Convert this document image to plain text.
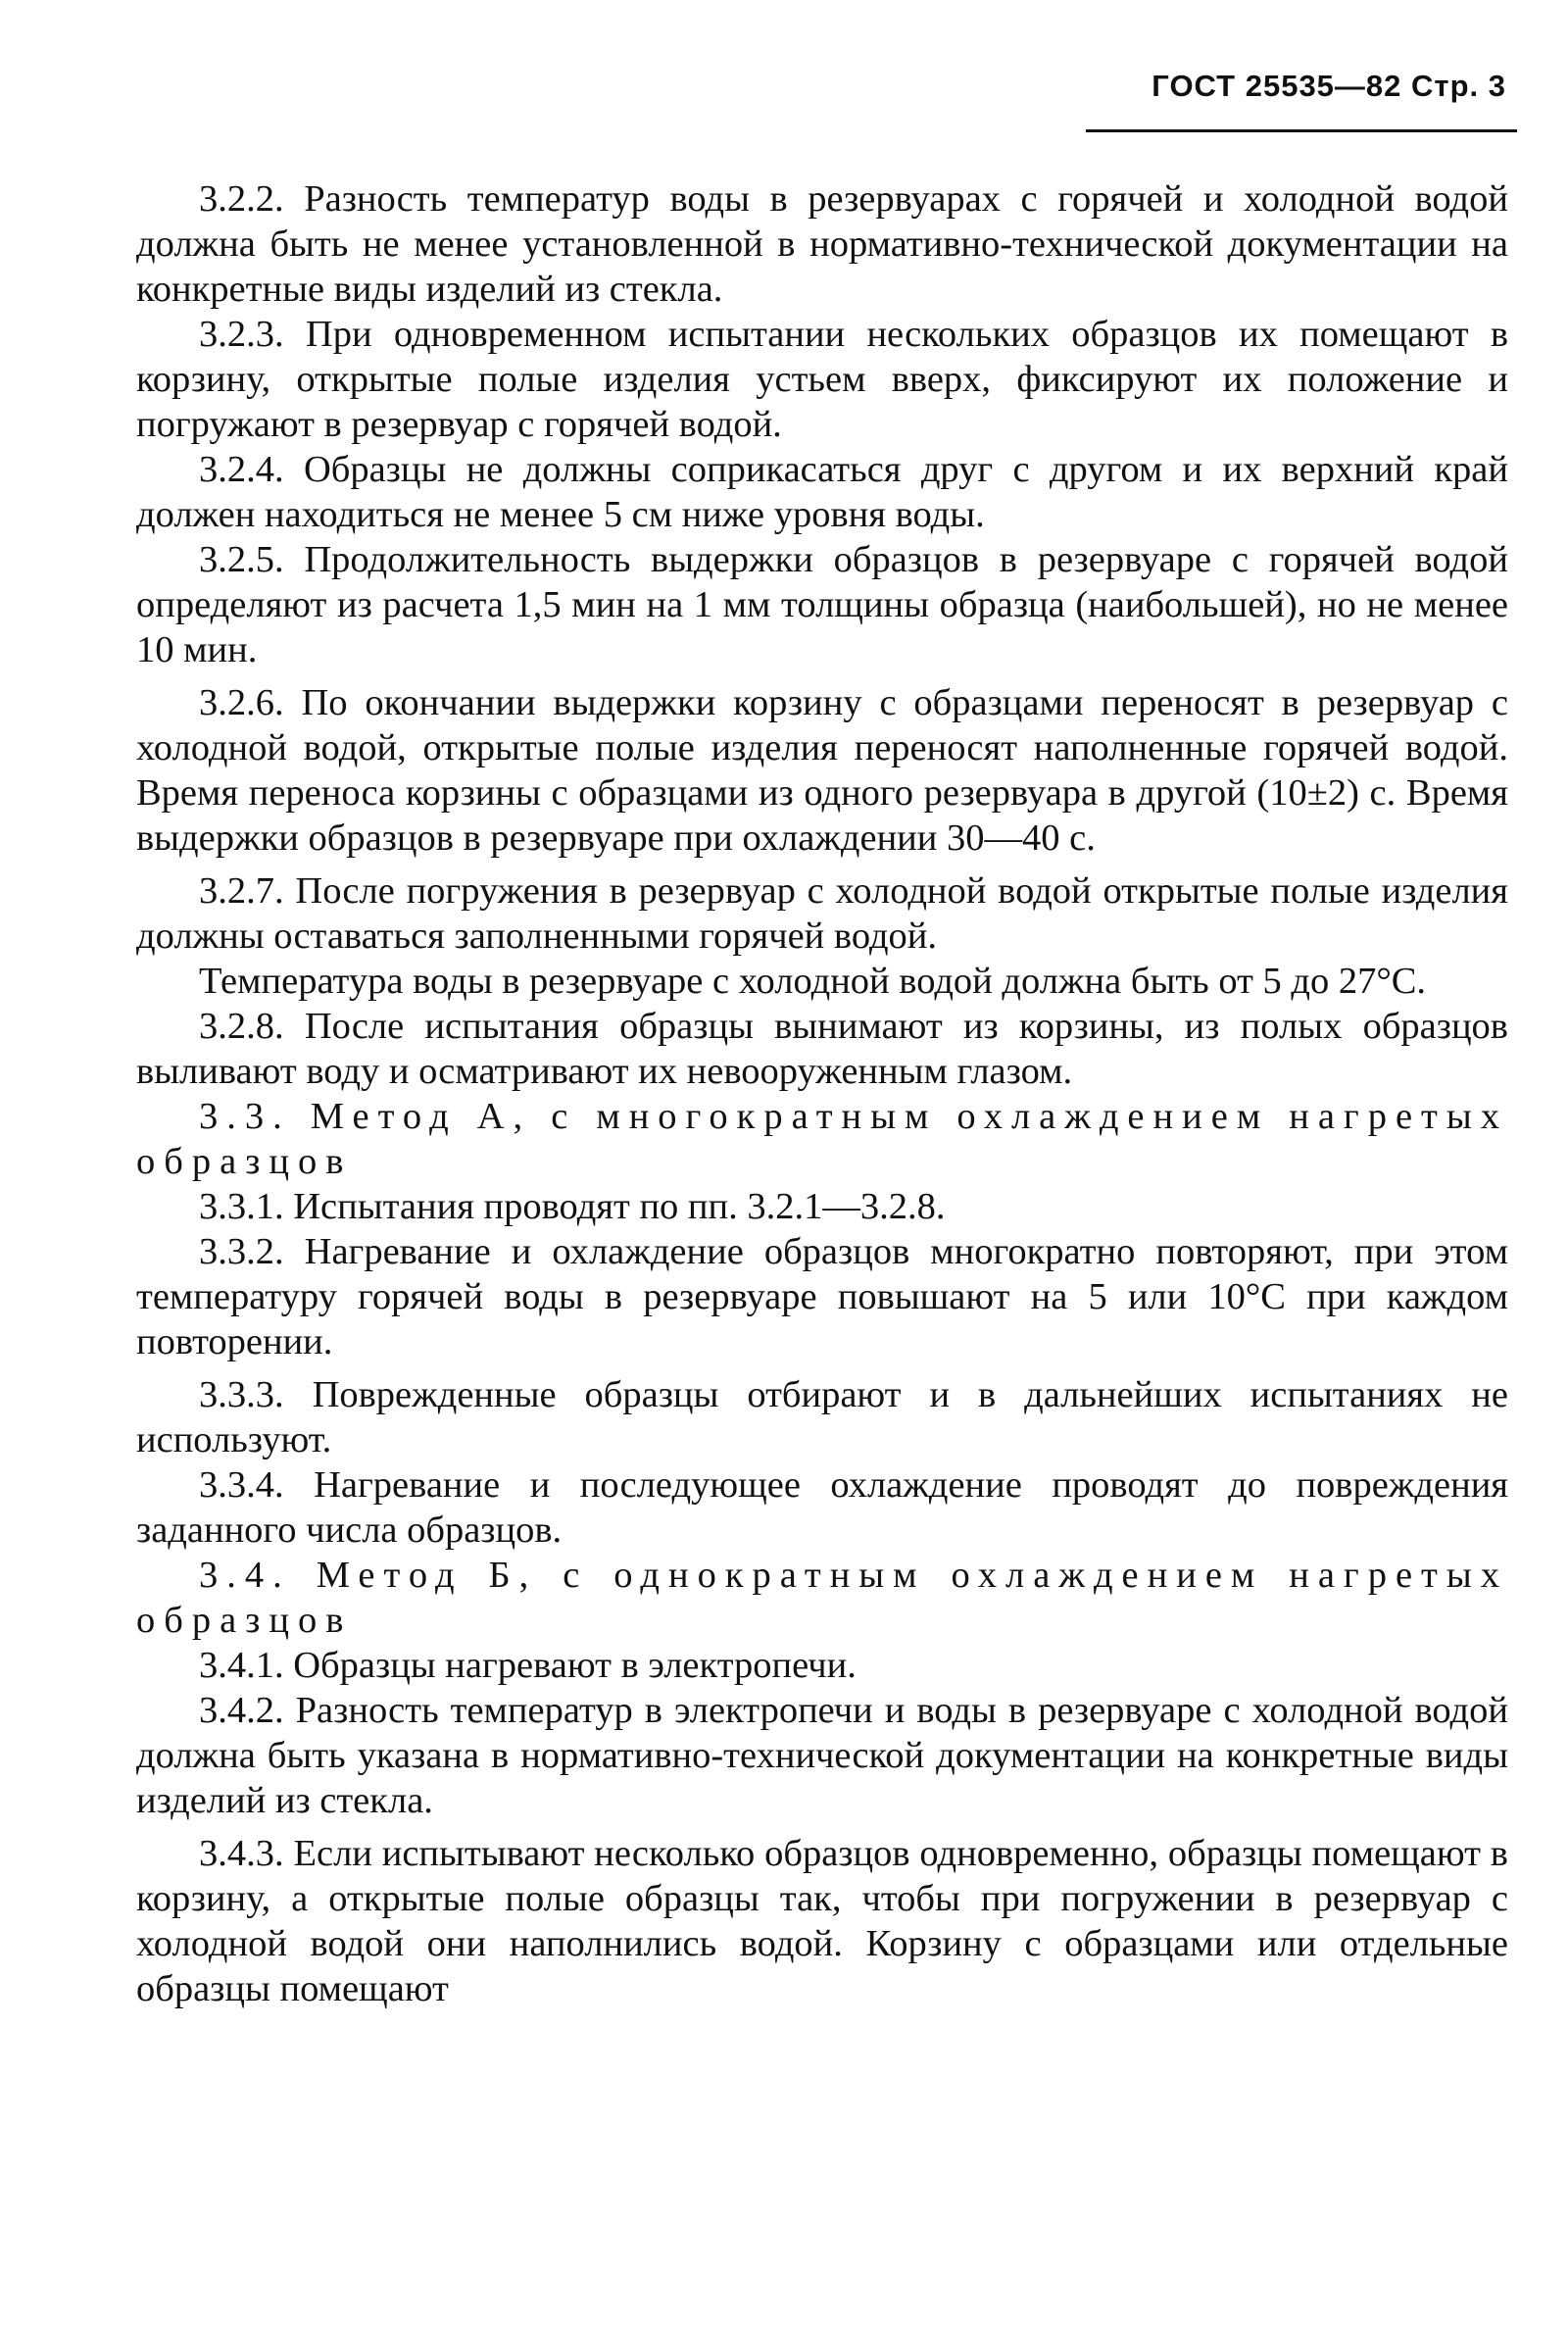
ГОСТ 25535—82 Стр. 3

3.2.2. Разность температур воды в резервуарах с горячей и холодной водой должна быть не менее установленной в нормативно-технической документации на конкретные виды изделий из стекла.

3.2.3. При одновременном испытании нескольких образцов их помещают в корзину, открытые полые изделия устьем вверх, фиксируют их положение и погружают в резервуар с горячей водой.

3.2.4. Образцы не должны соприкасаться друг с другом и их верхний край должен находиться не менее 5 см ниже уровня воды.

3.2.5. Продолжительность выдержки образцов в резервуаре с горячей водой определяют из расчета 1,5 мин на 1 мм толщины образца (наибольшей), но не менее 10 мин.

3.2.6. По окончании выдержки корзину с образцами переносят в резервуар с холодной водой, открытые полые изделия переносят наполненные горячей водой. Время переноса корзины с образцами из одного резервуара в другой (10±2) с. Время выдержки образцов в резервуаре при охлаждении 30—40 с.

3.2.7. После погружения в резервуар с холодной водой открытые полые изделия должны оставаться заполненными горячей водой.

Температура воды в резервуаре с холодной водой должна быть от 5 до 27°С.

3.2.8. После испытания образцы вынимают из корзины, из полых образцов выливают воду и осматривают их невооруженным глазом.

3.3. Метод А, с многократным охлаждением нагретых образцов

3.3.1. Испытания проводят по пп. 3.2.1—3.2.8.

3.3.2. Нагревание и охлаждение образцов многократно повторяют, при этом температуру горячей воды в резервуаре повышают на 5 или 10°С при каждом повторении.

3.3.3. Поврежденные образцы отбирают и в дальнейших испытаниях не используют.

3.3.4. Нагревание и последующее охлаждение проводят до повреждения заданного числа образцов.

3.4. Метод Б, с однократным охлаждением нагретых образцов

3.4.1. Образцы нагревают в электропечи.

3.4.2. Разность температур в электропечи и воды в резервуаре с холодной водой должна быть указана в нормативно-технической документации на конкретные виды изделий из стекла.

3.4.3. Если испытывают несколько образцов одновременно, образцы помещают в корзину, а открытые полые образцы так, чтобы при погружении в резервуар с холодной водой они наполнились водой. Корзину с образцами или отдельные образцы помещают
